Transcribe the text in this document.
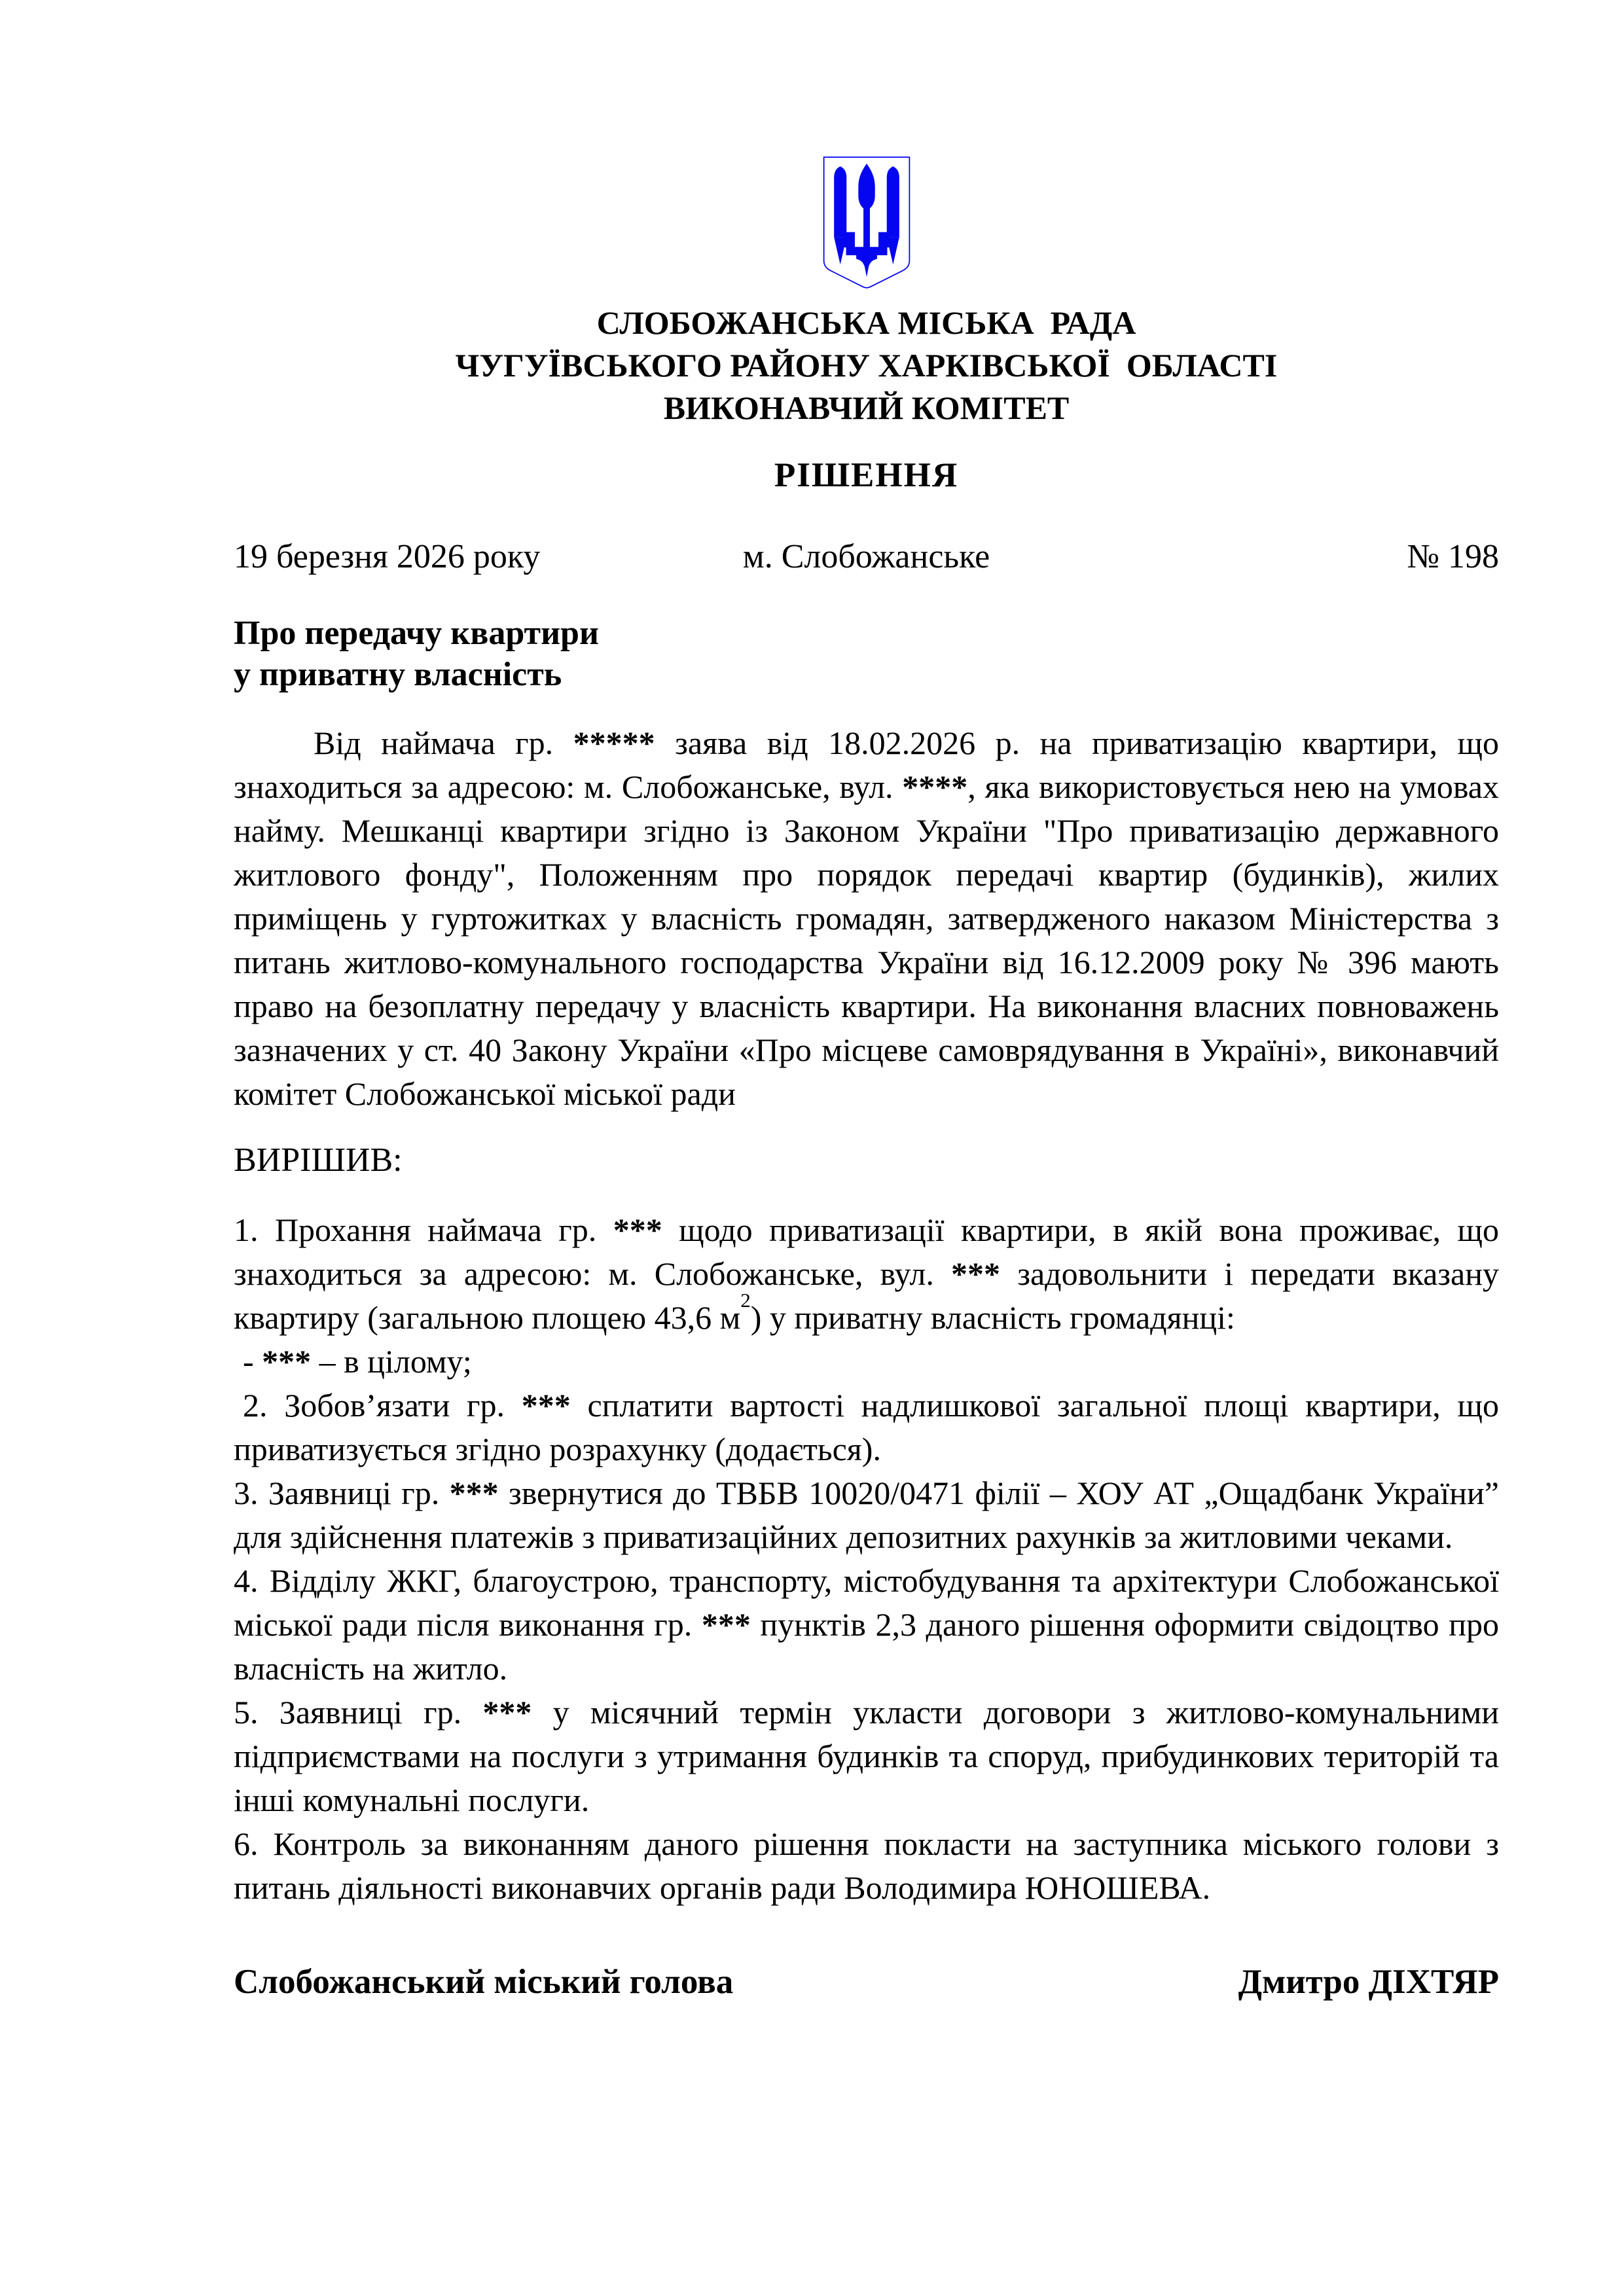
СЛОБОЖАНСЬКА МІСЬКА  РАДА
ЧУГУЇВСЬКОГО РАЙОНУ ХАРКІВСЬКОЇ  ОБЛАСТІ
ВИКОНАВЧИЙ КОМІТЕТ
РІШЕННЯ
19 березня 2026 року	м. Слобожанське	№ 198
Про передачу квартири
у приватну власність

Від наймача гр. ***** заява від 18.02.2026 р. на приватизацію квартири, що знаходиться за адресою: м. Слобожанське, вул. ****, яка використовується нею на умовах найму. Мешканці квартири згідно із Законом України "Про приватизацію державного житлового фонду", Положенням про порядок передачі квартир (будинків), жилих приміщень у гуртожитках у власність громадян, затвердженого наказом Міністерства з питань житлово-комунального господарства України від 16.12.2009 року № 396 мають право на безоплатну передачу у власність квартири. На виконання власних повноважень зазначених у ст. 40 Закону України «Про місцеве самоврядування в Україні», виконавчий комітет Слобожанської міської ради

ВИРІШИВ:

1. Прохання наймача гр. *** щодо приватизації квартири, в якій вона проживає, що знаходиться за адресою: м. Слобожанське, вул. *** задовольнити і передати вказану квартиру (загальною площею 43,6 $м^2$) у приватну власність громадянці:

- *** – в цілому;

2. Зобов’язати гр. *** сплатити вартості надлишкової загальної площі квартири, що приватизується згідно розрахунку (додається).

3. Заявниці гр. *** звернутися до ТВБВ 10020/0471 філії – ХОУ АТ „Ощадбанк України” для здійснення платежів з приватизаційних депозитних рахунків за житловими чеками.

4. Відділу ЖКГ, благоустрою, транспорту, містобудування та архітектури Слобожанської міської ради після виконання гр. *** пунктів 2,3 даного рішення оформити свідоцтво про власність на житло.

5. Заявниці гр. *** у місячний термін укласти договори з житлово-комунальними підприємствами на послуги з утримання будинків та споруд, прибудинкових територій та інші комунальні послуги.

6. Контроль за виконанням даного рішення покласти на заступника міського голови з питань діяльності виконавчих органів ради Володимира ЮНОШЕВА.

Слобожанський міський голова	Дмитро ДІХТЯР
